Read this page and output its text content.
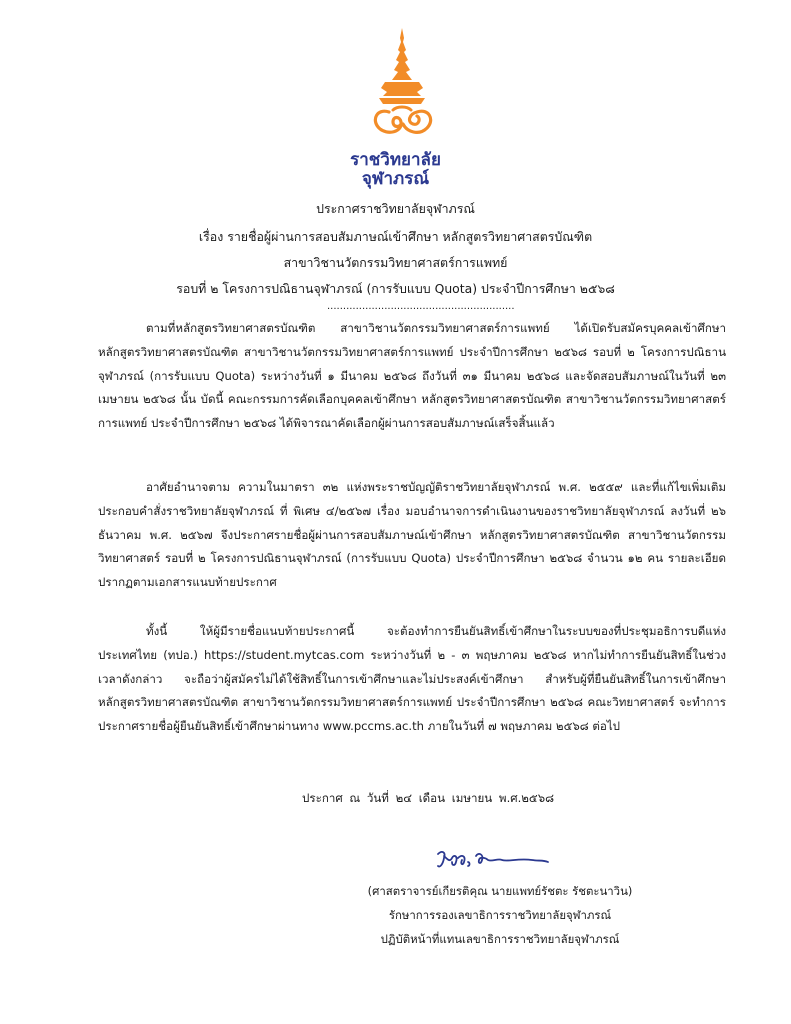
ราชวิทยาลัย
จุฬาภรณ์
ประกาศราชวิทยาลัยจุฬาภรณ์
เรื่อง รายชื่อผู้ผ่านการสอบสัมภาษณ์เข้าศึกษา หลักสูตรวิทยาศาสตรบัณฑิต
สาขาวิชานวัตกรรมวิทยาศาสตร์การแพทย์
รอบที่ ๒ โครงการปณิธานจุฬาภรณ์ (การรับแบบ Quota) ประจำปีการศึกษา ๒๕๖๘
...........................................................
ตามที่หลักสูตรวิทยาศาสตรบัณฑิต สาขาวิชานวัตกรรมวิทยาศาสตร์การแพทย์ ได้เปิดรับสมัครบุคคลเข้าศึกษา หลักสูตรวิทยาศาสตรบัณฑิต สาขาวิชานวัตกรรมวิทยาศาสตร์การแพทย์ ประจำปีการศึกษา ๒๕๖๘ รอบที่ ๒ โครงการปณิธานจุฬาภรณ์ (การรับแบบ Quota) ระหว่างวันที่ ๑ มีนาคม ๒๕๖๘ ถึงวันที่ ๓๑ มีนาคม ๒๕๖๘ และจัดสอบสัมภาษณ์ในวันที่ ๒๓ เมษายน ๒๕๖๘ นั้น บัดนี้ คณะกรรมการคัดเลือกบุคคลเข้าศึกษา หลักสูตรวิทยาศาสตรบัณฑิต สาขาวิชานวัตกรรมวิทยาศาสตร์การแพทย์ ประจำปีการศึกษา ๒๕๖๘ ได้พิจารณาคัดเลือกผู้ผ่านการสอบสัมภาษณ์เสร็จสิ้นแล้ว
อาศัยอำนาจตาม ความในมาตรา ๓๒ แห่งพระราชบัญญัติราชวิทยาลัยจุฬาภรณ์ พ.ศ. ๒๕๕๙ และที่แก้ไขเพิ่มเติม ประกอบคำสั่งราชวิทยาลัยจุฬาภรณ์ ที่ พิเศษ ๔/๒๕๖๗ เรื่อง มอบอำนาจการดำเนินงานของราชวิทยาลัยจุฬาภรณ์ ลงวันที่ ๒๖ ธันวาคม พ.ศ. ๒๕๖๗ จึงประกาศรายชื่อผู้ผ่านการสอบสัมภาษณ์เข้าศึกษา หลักสูตรวิทยาศาสตรบัณฑิต สาขาวิชานวัตกรรมวิทยาศาสตร์ รอบที่ ๒ โครงการปณิธานจุฬาภรณ์ (การรับแบบ Quota) ประจำปีการศึกษา ๒๕๖๘ จำนวน ๑๒ คน รายละเอียดปรากฏตามเอกสารแนบท้ายประกาศ
ทั้งนี้ ให้ผู้มีรายชื่อแนบท้ายประกาศนี้ จะต้องทำการยืนยันสิทธิ์เข้าศึกษาในระบบของที่ประชุมอธิการบดีแห่งประเทศไทย (ทปอ.) https://student.mytcas.com ระหว่างวันที่ ๒ - ๓ พฤษภาคม ๒๕๖๘ หากไม่ทำการยืนยันสิทธิ์ในช่วงเวลาดังกล่าว จะถือว่าผู้สมัครไม่ได้ใช้สิทธิ์ในการเข้าศึกษาและไม่ประสงค์เข้าศึกษา สำหรับผู้ที่ยืนยันสิทธิ์ในการเข้าศึกษาหลักสูตรวิทยาศาสตรบัณฑิต สาขาวิชานวัตกรรมวิทยาศาสตร์การแพทย์ ประจำปีการศึกษา ๒๕๖๘ คณะวิทยาศาสตร์ จะทำการประกาศรายชื่อผู้ยืนยันสิทธิ์เข้าศึกษาผ่านทาง www.pccms.ac.th ภายในวันที่ ๗ พฤษภาคม ๒๕๖๘ ต่อไป
ประกาศ ณ วันที่ ๒๔ เดือน เมษายน พ.ศ.๒๕๖๘
(ศาสตราจารย์เกียรติคุณ นายแพทย์รัชตะ รัชตะนาวิน)
รักษาการรองเลขาธิการราชวิทยาลัยจุฬาภรณ์
ปฏิบัติหน้าที่แทนเลขาธิการราชวิทยาลัยจุฬาภรณ์
